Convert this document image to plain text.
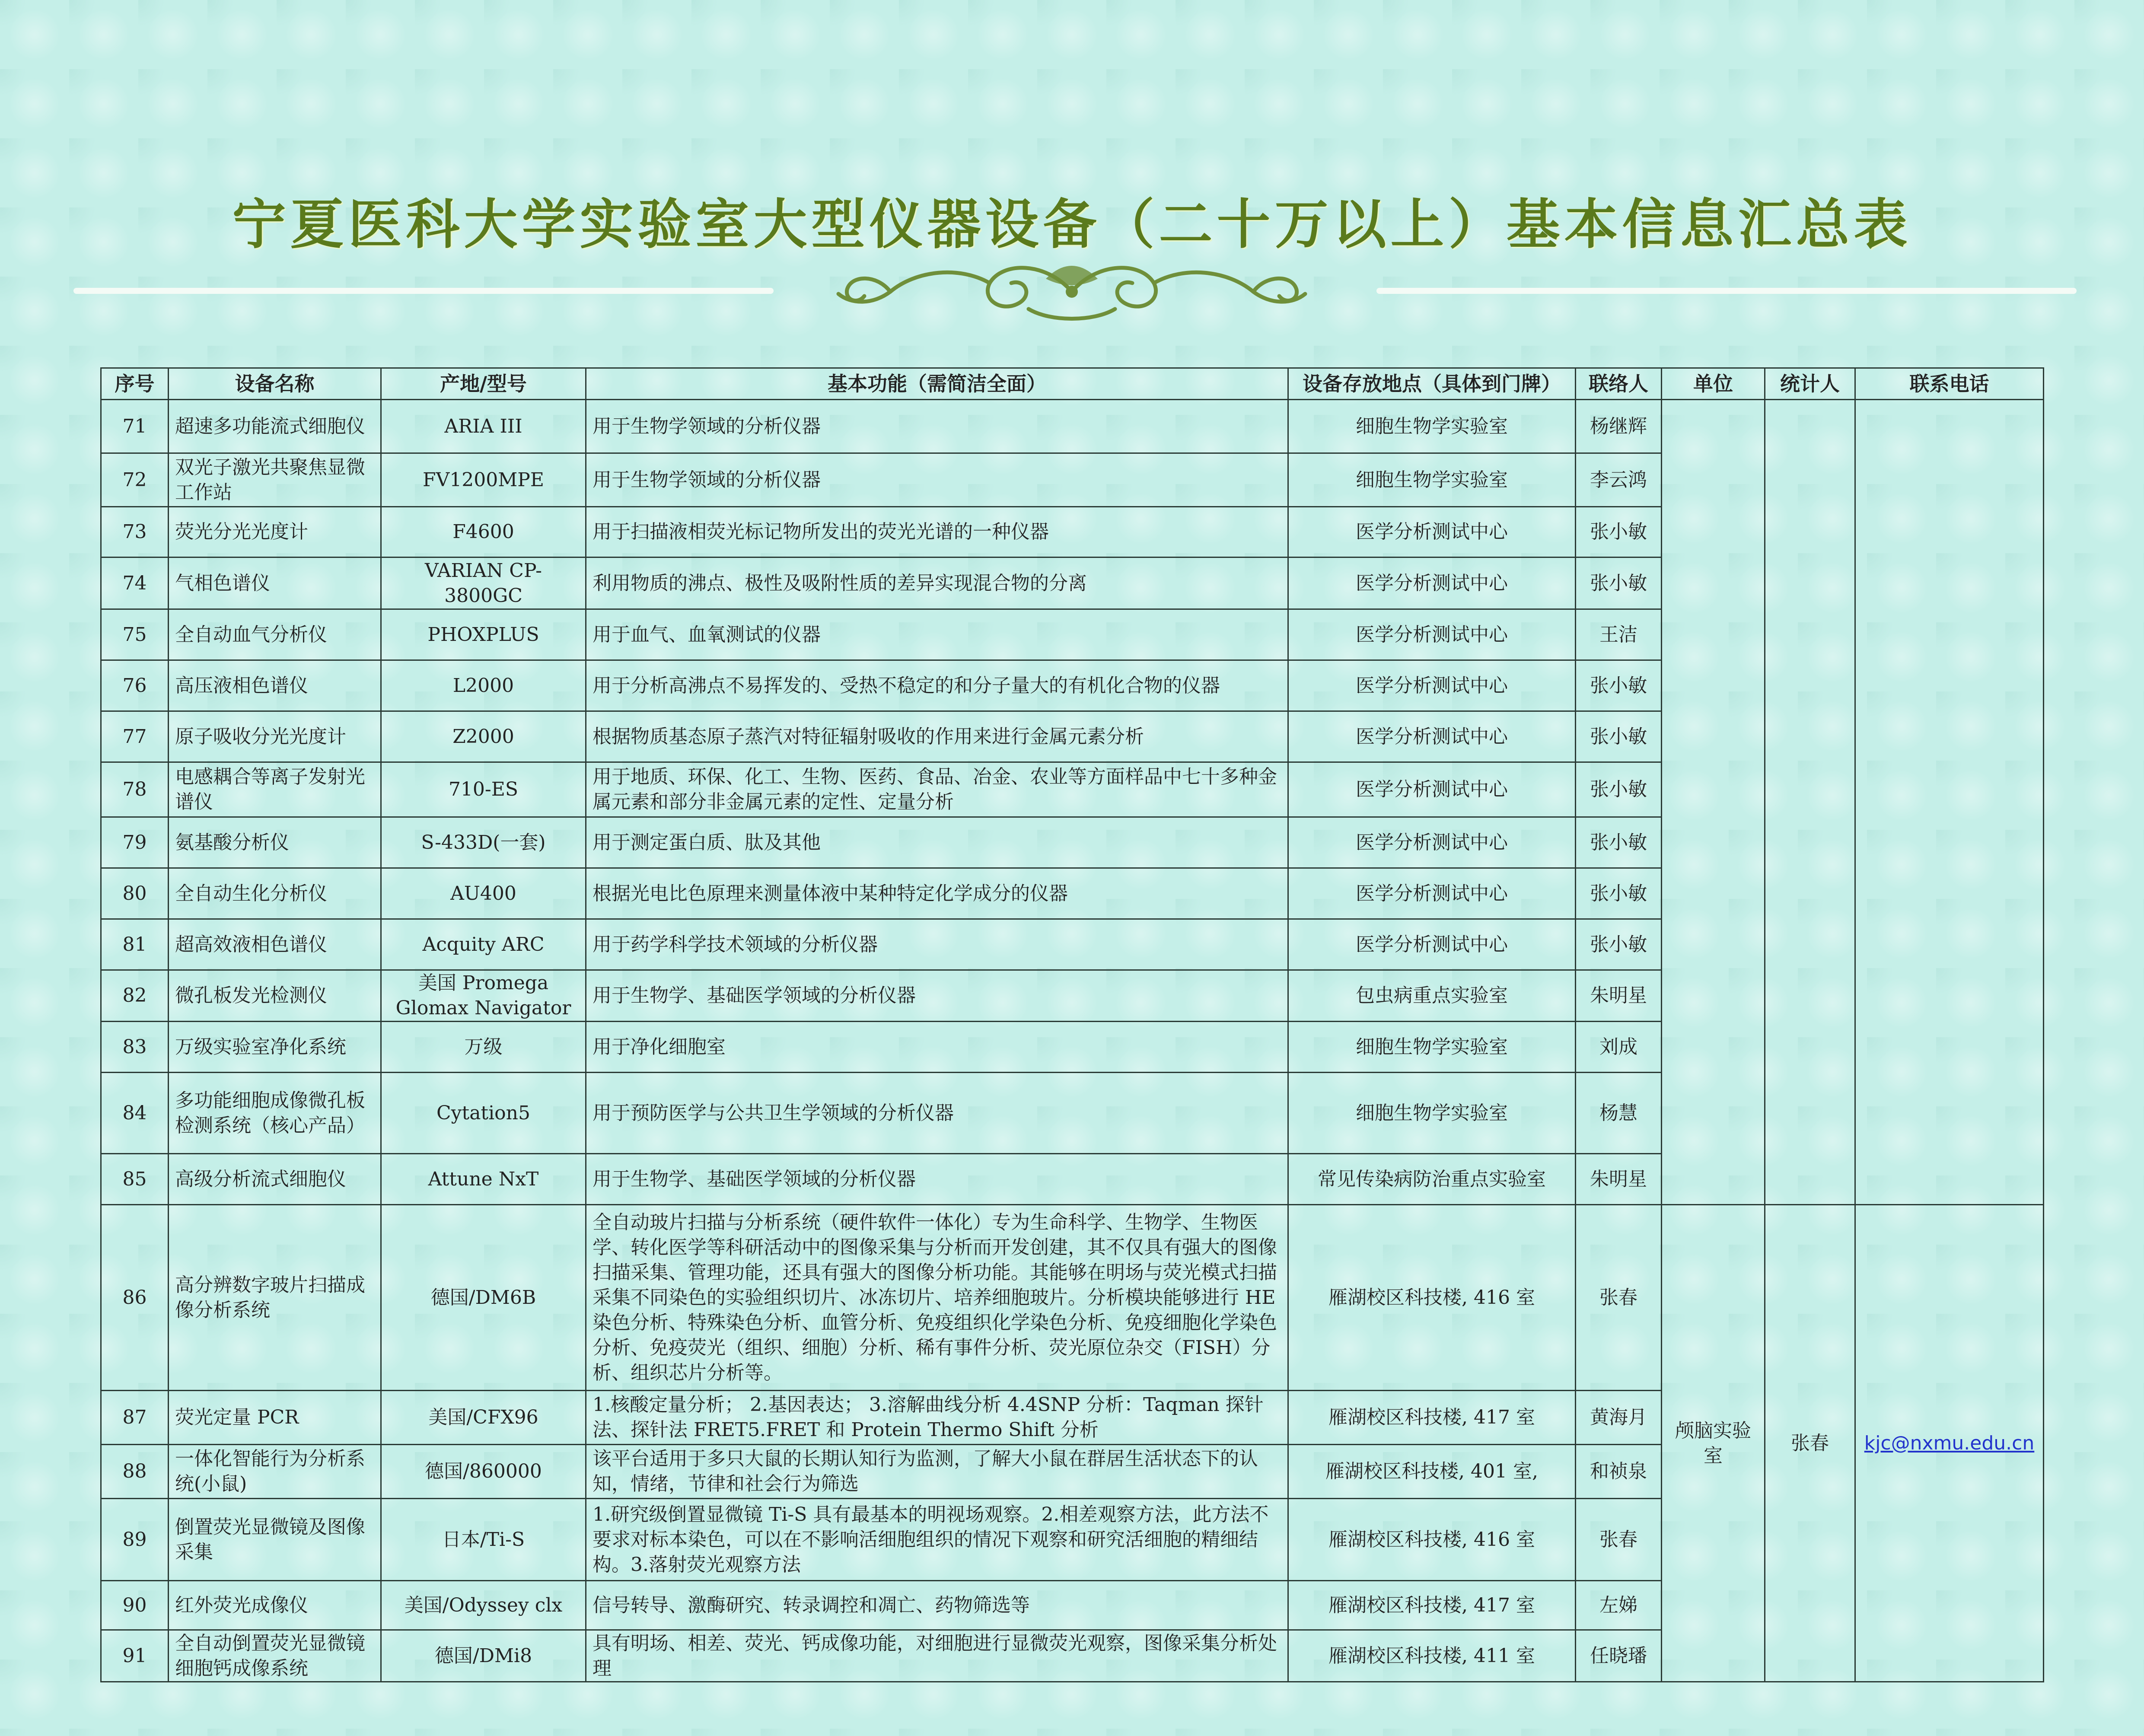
宁夏医科大学实验室大型仪器设备（二十万以上）基本信息汇总表
序号	设备名称	产地/型号	基本功能（需简洁全面）	设备存放地点（具体到门牌）	联络人	单位	统计人	联系电话
71	超速多功能流式细胞仪	ARIA III	用于生物学领域的分析仪器	细胞生物学实验室	杨继辉			
72	双光子激光共聚焦显微工作站	FV1200MPE	用于生物学领域的分析仪器	细胞生物学实验室	李云鸿			
73	荧光分光光度计	F4600	用于扫描液相荧光标记物所发出的荧光光谱的一种仪器	医学分析测试中心	张小敏			
74	气相色谱仪	VARIAN CP-3800GC	利用物质的沸点、极性及吸附性质的差异实现混合物的分离	医学分析测试中心	张小敏			
75	全自动血气分析仪	PHOXPLUS	用于血气、血氧测试的仪器	医学分析测试中心	王洁			
76	高压液相色谱仪	L2000	用于分析高沸点不易挥发的、受热不稳定的和分子量大的有机化合物的仪器	医学分析测试中心	张小敏			
77	原子吸收分光光度计	Z2000	根据物质基态原子蒸汽对特征辐射吸收的作用来进行金属元素分析	医学分析测试中心	张小敏			
78	电感耦合等离子发射光谱仪	710-ES	用于地质、环保、化工、生物、医药、食品、冶金、农业等方面样品中七十多种金属元素和部分非金属元素的定性、定量分析	医学分析测试中心	张小敏			
79	氨基酸分析仪	S-433D(一套)	用于测定蛋白质、肽及其他	医学分析测试中心	张小敏			
80	全自动生化分析仪	AU400	根据光电比色原理来测量体液中某种特定化学成分的仪器	医学分析测试中心	张小敏			
81	超高效液相色谱仪	Acquity ARC	用于药学科学技术领域的分析仪器	医学分析测试中心	张小敏			
82	微孔板发光检测仪	美国 Promega Glomax Navigator	用于生物学、基础医学领域的分析仪器	包虫病重点实验室	朱明星			
83	万级实验室净化系统	万级	用于净化细胞室	细胞生物学实验室	刘成			
84	多功能细胞成像微孔板检测系统（核心产品）	Cytation5	用于预防医学与公共卫生学领域的分析仪器	细胞生物学实验室	杨慧			
85	高级分析流式细胞仪	Attune NxT	用于生物学、基础医学领域的分析仪器	常见传染病防治重点实验室	朱明星			
86	高分辨数字玻片扫描成像分析系统	德国/DM6B	全自动玻片扫描与分析系统（硬件软件一体化）专为生命科学、生物学、生物医学、转化医学等科研活动中的图像采集与分析而开发创建，其不仅具有强大的图像扫描采集、管理功能，还具有强大的图像分析功能。其能够在明场与荧光模式扫描采集不同染色的实验组织切片、冰冻切片、培养细胞玻片。分析模块能够进行 HE 染色分析、特殊染色分析、血管分析、免疫组织化学染色分析、免疫细胞化学染色分析、免疫荧光（组织、细胞）分析、稀有事件分析、荧光原位杂交（FISH）分析、组织芯片分析等。	雁湖校区科技楼, 416 室	张春	颅脑实验室	张春	kjc@nxmu.edu.cn
87	荧光定量 PCR	美国/CFX96	1.核酸定量分析； 2.基因表达； 3.溶解曲线分析 4.4SNP 分析：Taqman 探针法、探针法 FRET5.FRET 和 Protein Thermo Shift 分析	雁湖校区科技楼, 417 室	黄海月			
88	一体化智能行为分析系统(小鼠)	德国/860000	该平台适用于多只大鼠的长期认知行为监测，了解大小鼠在群居生活状态下的认知，情绪，节律和社会行为筛选	雁湖校区科技楼, 401 室,	和祯泉			
89	倒置荧光显微镜及图像采集	日本/Ti-S	1.研究级倒置显微镜 Ti-S 具有最基本的明视场观察。2.相差观察方法，此方法不要求对标本染色，可以在不影响活细胞组织的情况下观察和研究活细胞的精细结构。3.落射荧光观察方法	雁湖校区科技楼, 416 室	张春			
90	红外荧光成像仪	美国/Odyssey clx	信号转导、激酶研究、转录调控和凋亡、药物筛选等	雁湖校区科技楼, 417 室	左娣			
91	全自动倒置荧光显微镜细胞钙成像系统	德国/DMi8	具有明场、相差、荧光、钙成像功能，对细胞进行显微荧光观察，图像采集分析处理	雁湖校区科技楼, 411 室	任晓璠			
